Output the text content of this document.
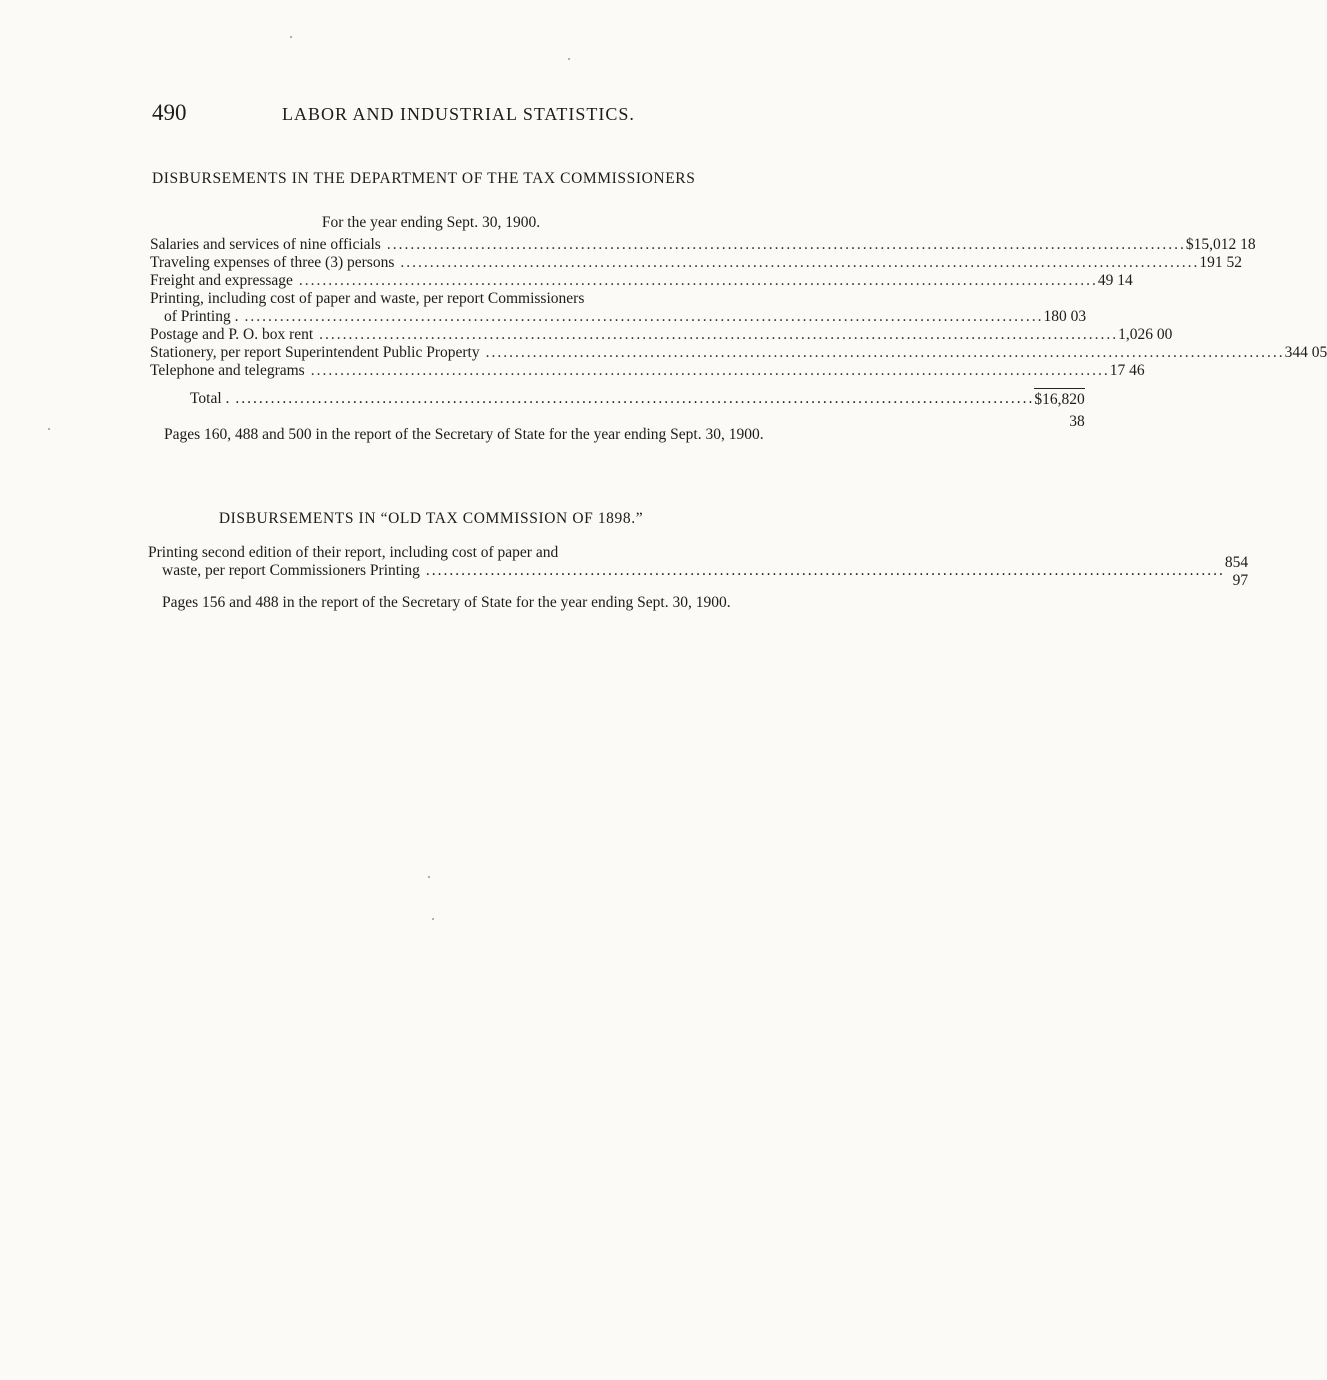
490	LABOR AND INDUSTRIAL STATISTICS.
DISBURSEMENTS IN THE DEPARTMENT OF THE TAX COMMISSIONERS
For the year ending Sept. 30, 1900.
Salaries and services of nine officials ........................................................................................................................................ $15,012 18
Traveling expenses of three (3) persons ........................................................................................................................................ 191 52
Freight and expressage ........................................................................................................................................ 49 14
Printing, including cost of paper and waste, per report Commissioners
of Printing . ........................................................................................................................................ 180 03
Postage and P. O. box rent ........................................................................................................................................ 1,026 00
Stationery, per report Superintendent Public Property ........................................................................................................................................ 344 05
Telephone and telegrams ........................................................................................................................................ 17 46
Total . ........................................................................................................................................ $16,820 38

Pages 160, 488 and 500 in the report of the Secretary of State for the year ending Sept. 30, 1900.

DISBURSEMENTS IN “OLD TAX COMMISSION OF 1898.”
Printing second edition of their report, including cost of paper and
waste, per report Commissioners Printing ........................................................................................................................................ 854 97

Pages 156 and 488 in the report of the Secretary of State for the year ending Sept. 30, 1900.
